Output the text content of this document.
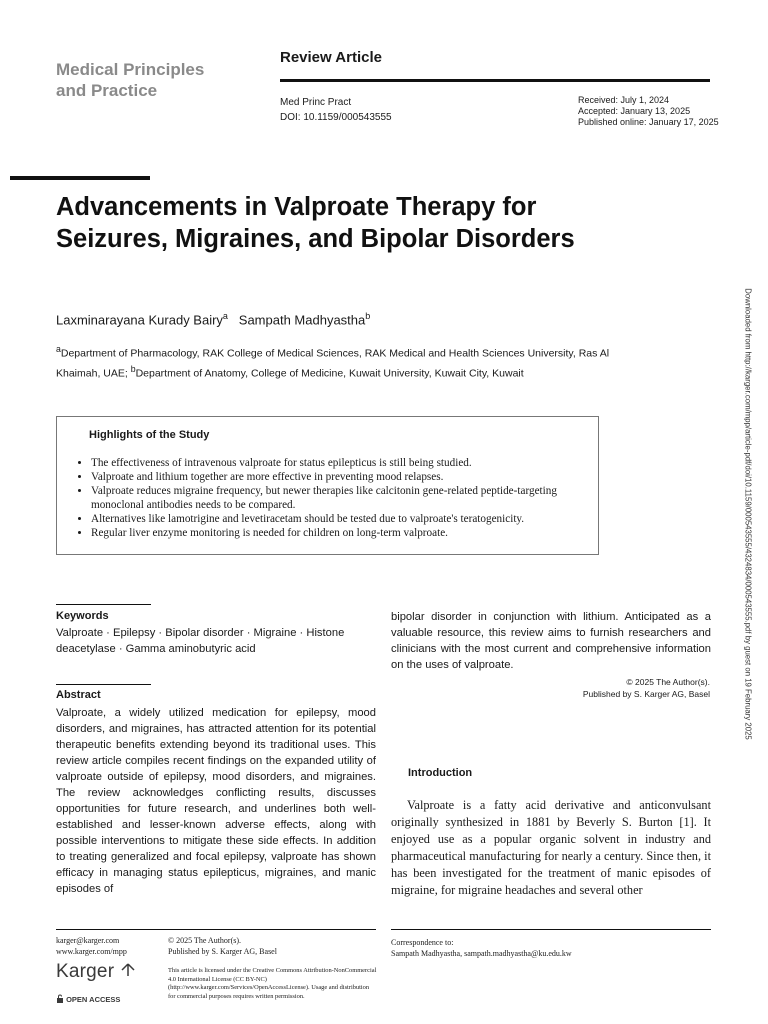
Medical Principles
and Practice
Review Article
Med Princ Pract
DOI: 10.1159/000543555
Received: July 1, 2024
Accepted: January 13, 2025
Published online: January 17, 2025
Advancements in Valproate Therapy for Seizures, Migraines, and Bipolar Disorders
Laxminarayana Kurady Bairy$^a$ Sampath Madhyastha$^b$
$^a$Department of Pharmacology, RAK College of Medical Sciences, RAK Medical and Health Sciences University, Ras Al Khaimah, UAE; $^b$Department of Anatomy, College of Medicine, Kuwait University, Kuwait City, Kuwait
Highlights of the Study
• The effectiveness of intravenous valproate for status epilepticus is still being studied.
• Valproate and lithium together are more effective in preventing mood relapses.
• Valproate reduces migraine frequency, but newer therapies like calcitonin gene-related peptide-targeting monoclonal antibodies needs to be compared.
• Alternatives like lamotrigine and levetiracetam should be tested due to valproate's teratogenicity.
• Regular liver enzyme monitoring is needed for children on long-term valproate.
Keywords
Valproate · Epilepsy · Bipolar disorder · Migraine · Histone deacetylase · Gamma aminobutyric acid
Abstract
Valproate, a widely utilized medication for epilepsy, mood disorders, and migraines, has attracted attention for its potential therapeutic benefits extending beyond its traditional uses. This review article compiles recent findings on the expanded utility of valproate outside of epilepsy, mood disorders, and migraines. The review acknowledges conflicting results, discusses opportunities for future research, and underlines both well-established and lesser-known adverse effects, along with possible interventions to mitigate these side effects. In addition to treating generalized and focal epilepsy, valproate has shown efficacy in managing status epilepticus, migraines, and manic episodes of
bipolar disorder in conjunction with lithium. Anticipated as a valuable resource, this review aims to furnish researchers and clinicians with the most current and comprehensive information on the uses of valproate.
© 2025 The Author(s).
Published by S. Karger AG, Basel
Introduction
Valproate is a fatty acid derivative and anticonvulsant originally synthesized in 1881 by Beverly S. Burton [1]. It enjoyed use as a popular organic solvent in industry and pharmaceutical manufacturing for nearly a century. Since then, it has been investigated for the treatment of manic episodes of migraine, for migraine headaches and several other
karger@karger.com
www.karger.com/mpp
© 2025 The Author(s).
Published by S. Karger AG, Basel
This article is licensed under the Creative Commons Attribution-NonCommercial 4.0 International License (CC BY-NC) (http://www.karger.com/Services/OpenAccessLicense). Usage and distribution for commercial purposes requires written permission.
Correspondence to:
Sampath Madhyastha, sampath.madhyastha@ku.edu.kw
Karger
OPEN ACCESS
Downloaded from http://karger.com/mpp/article-pdf/doi/10.1159/000543555/4324834/000543555.pdf by guest on 19 February 2025
